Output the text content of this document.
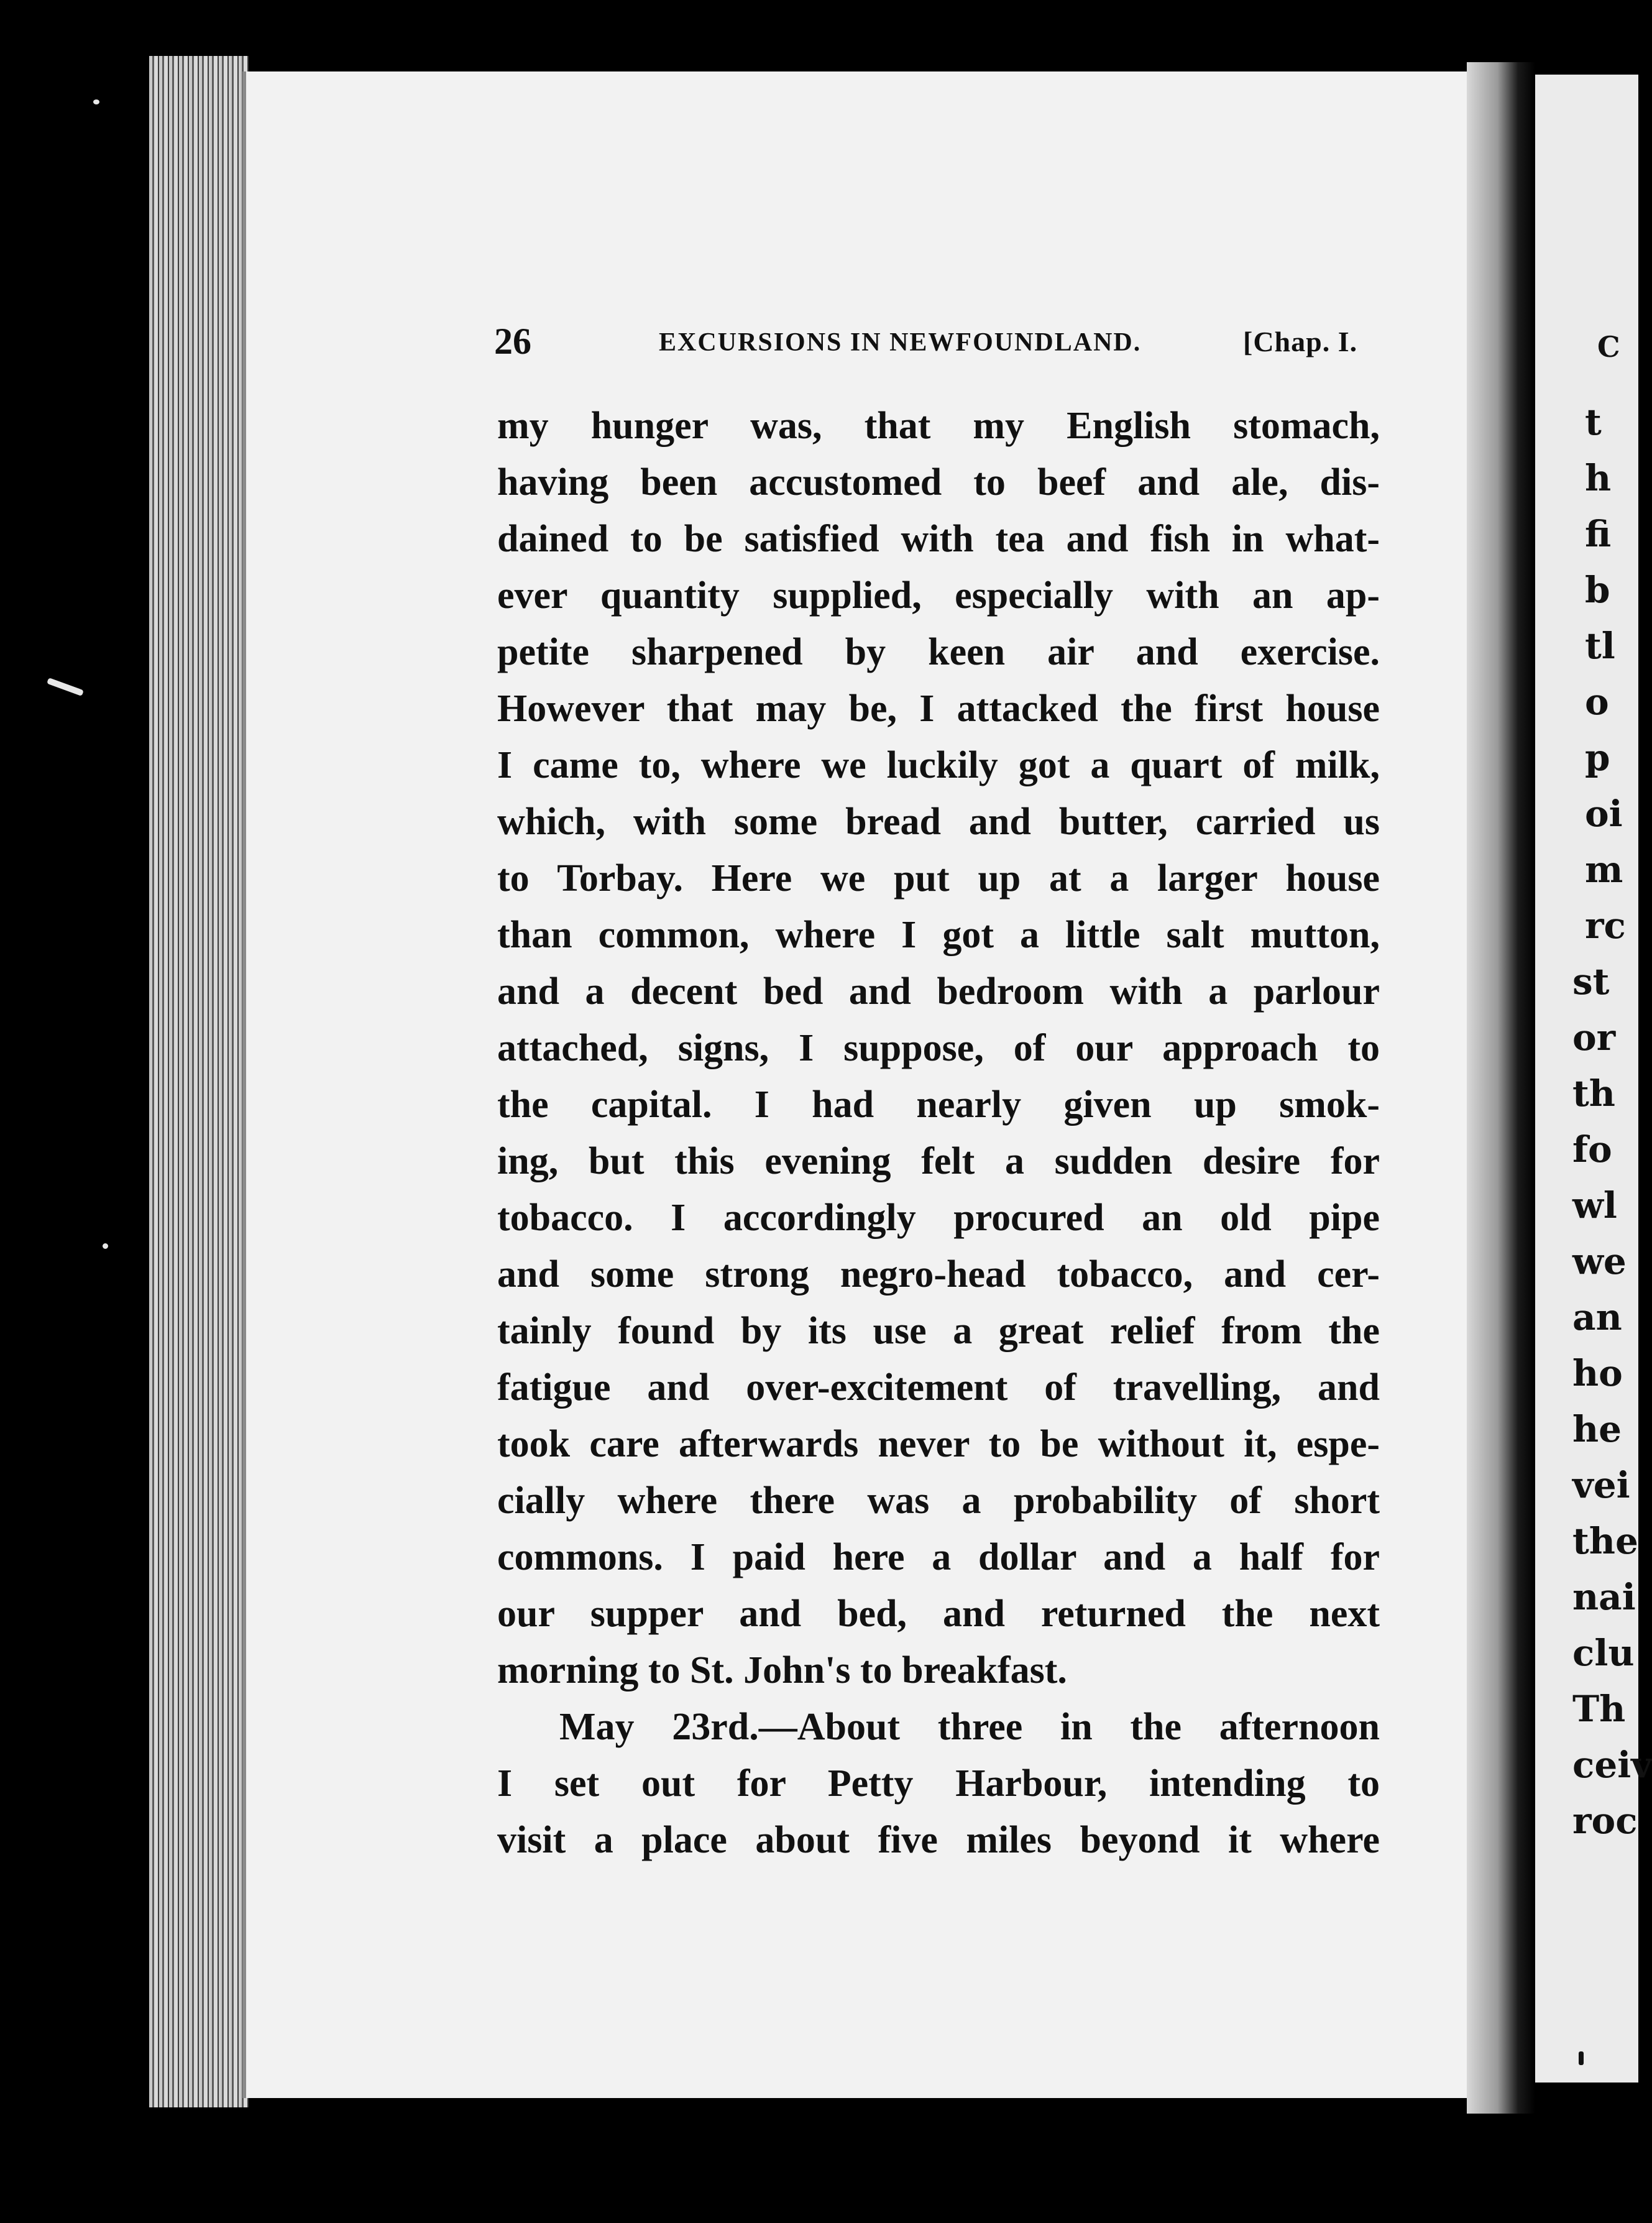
C
t
h
fi
b
tl
o
p
oi
m
rc
st
or
th
fo
wl
we
an
ho
he
vei
the
nai
clu
Th
ceiv
roc
26	EXCURSIONS IN NEWFOUNDLAND.	[Chap. I.
my hunger was, that my English stomach,
having been accustomed to beef and ale, dis-
dained to be satisfied with tea and fish in what-
ever quantity supplied, especially with an ap-
petite sharpened by keen air and exercise.
However that may be, I attacked the first house
I came to, where we luckily got a quart of milk,
which, with some bread and butter, carried us
to Torbay. Here we put up at a larger house
than common, where I got a little salt mutton,
and a decent bed and bedroom with a parlour
attached, signs, I suppose, of our approach to
the capital. I had nearly given up smok-
ing, but this evening felt a sudden desire for
tobacco. I accordingly procured an old pipe
and some strong negro-head tobacco, and cer-
tainly found by its use a great relief from the
fatigue and over-excitement of travelling, and
took care afterwards never to be without it, espe-
cially where there was a probability of short
commons. I paid here a dollar and a half for
our supper and bed, and returned the next
morning to St. John's to breakfast.
May 23rd.—About three in the afternoon
I set out for Petty Harbour, intending to
visit a place about five miles beyond it where
